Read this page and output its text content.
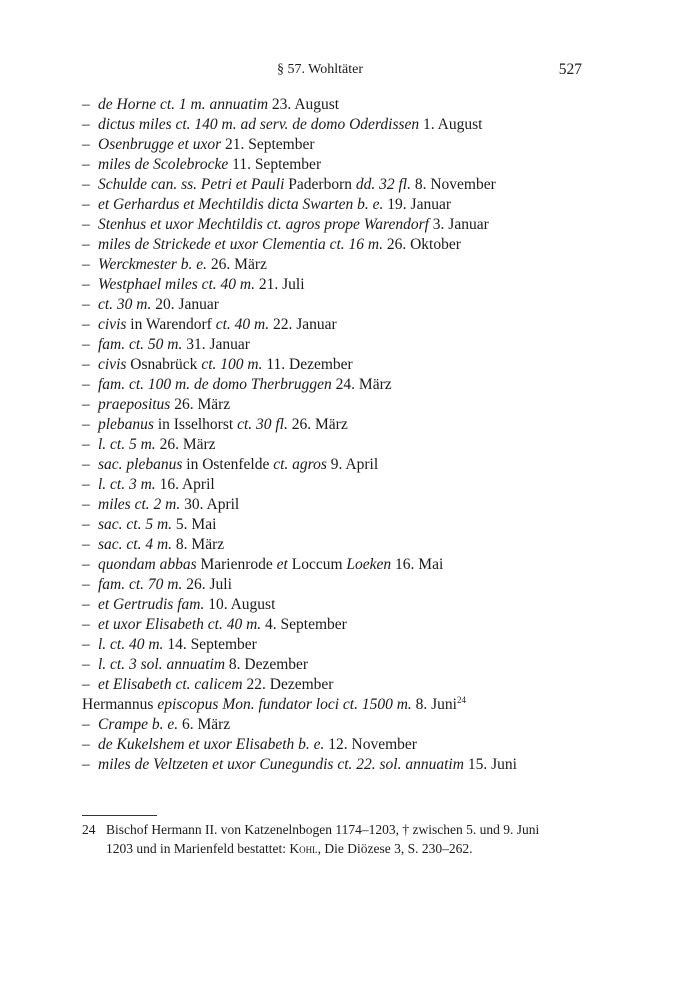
§ 57. Wohltäter	527
– de Horne ct. 1 m. annuatim 23. August
– dictus miles ct. 140 m. ad serv. de domo Oderdissen 1. August
– Osenbrugge et uxor 21. September
– miles de Scolebrocke 11. September
– Schulde can. ss. Petri et Pauli Paderborn dd. 32 fl. 8. November
– et Gerhardus et Mechtildis dicta Swarten b. e. 19. Januar
– Stenhus et uxor Mechtildis ct. agros prope Warendorf 3. Januar
– miles de Strickede et uxor Clementia ct. 16 m. 26. Oktober
– Werckmester b. e. 26. März
– Westphael miles ct. 40 m. 21. Juli
– ct. 30 m. 20. Januar
– civis in Warendorf ct. 40 m. 22. Januar
– fam. ct. 50 m. 31. Januar
– civis Osnabrück ct. 100 m. 11. Dezember
– fam. ct. 100 m. de domo Therbruggen 24. März
– praepositus 26. März
– plebanus in Isselhorst ct. 30 fl. 26. März
– l. ct. 5 m. 26. März
– sac. plebanus in Ostenfelde ct. agros 9. April
– l. ct. 3 m. 16. April
– miles ct. 2 m. 30. April
– sac. ct. 5 m. 5. Mai
– sac. ct. 4 m. 8. März
– quondam abbas Marienrode et Loccum Loeken 16. Mai
– fam. ct. 70 m. 26. Juli
– et Gertrudis fam. 10. August
– et uxor Elisabeth ct. 40 m. 4. September
– l. ct. 40 m. 14. September
– l. ct. 3 sol. annuatim 8. Dezember
– et Elisabeth ct. calicem 22. Dezember
Hermannus episcopus Mon. fundator loci ct. 1500 m. 8. Juni$^{24}$
– Crampe b. e. 6. März
– de Kukelshem et uxor Elisabeth b. e. 12. November
– miles de Veltzeten et uxor Cunegundis ct. 22. sol. annuatim 15. Juni
24 Bischof Hermann II. von Katzenelnbogen 1174–1203, † zwischen 5. und 9. Juni
1203 und in Marienfeld bestattet: Kohl, Die Diözese 3, S. 230–262.
